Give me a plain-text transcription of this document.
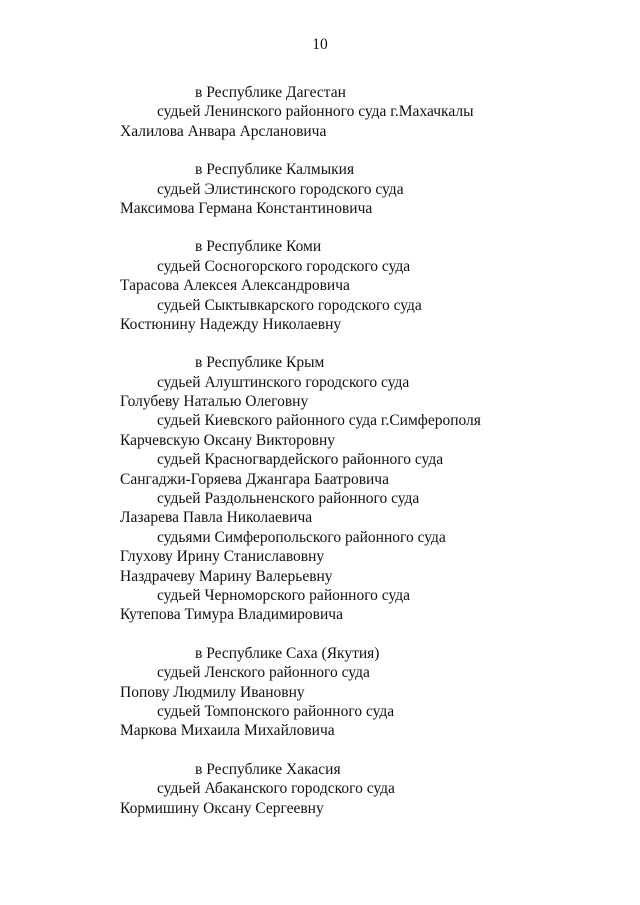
10
в Республике Дагестан
судьей Ленинского районного суда г.Махачкалы
Халилова Анвара Арслановича
в Республике Калмыкия
судьей Элистинского городского суда
Максимова Германа Константиновича
в Республике Коми
судьей Сосногорского городского суда
Тарасова Алексея Александровича
судьей Сыктывкарского городского суда
Костюнину Надежду Николаевну
в Республике Крым
судьей Алуштинского городского суда
Голубеву Наталью Олеговну
судьей Киевского районного суда г.Симферополя
Карчевскую Оксану Викторовну
судьей Красногвардейского районного суда
Сангаджи-Горяева Джангара Баатровича
судьей Раздольненского районного суда
Лазарева Павла Николаевича
судьями Симферопольского районного суда
Глухову Ирину Станиславовну
Наздрачеву Марину Валерьевну
судьей Черноморского районного суда
Кутепова Тимура Владимировича
в Республике Саха (Якутия)
судьей Ленского районного суда
Попову Людмилу Ивановну
судьей Томпонского районного суда
Маркова Михаила Михайловича
в Республике Хакасия
судьей Абаканского городского суда
Кормишину Оксану Сергеевну
